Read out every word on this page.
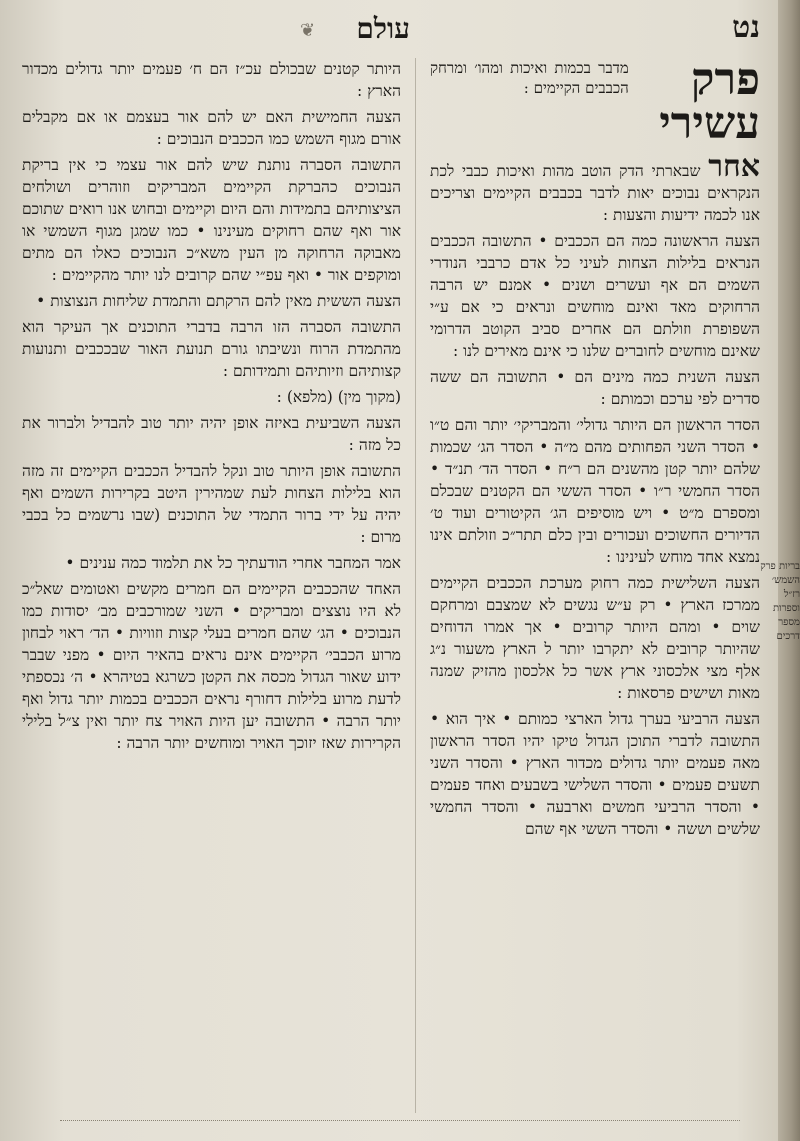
נט
עולם
❦
פרק עשירי
מדבר בכמות ואיכות ומהו׳ ומרחק הכבבים הקיימים :

אחר שבארתי הדק הוטב מהות ואיכות כבבי לכת הנקראים נבוכים יאות לדבר בכבבים הקיימים וצריכים אנו לכמה ידיעות והצעות :

הצעה הראשונה כמה הם הככבים • התשובה הככבים הנראים בלילות הצחות לעיני כל אדם כרבבי הנודרי השמים הם אף ועשרים ושנים • אמנם יש הרבה הרחוקים מאד ואינם מוחשים ונראים כי אם ע״י השפופרת וזולתם הם אחרים סביב הקוטב הדרומי שאינם מוחשים לחוברים שלנו כי אינם מאירים לנו :

הצעה השנית כמה מינים הם • התשובה הם ששה סדרים לפי ערכם וכמותם :

הסדר הראשון הם היותר גדולי׳ והמבריקי׳ יותר והם ט״ו • הסדר השני הפחותים מהם מ״ה • הסדר הג׳ שכמות שלהם יותר קטן מהשנים הם ר״ח • הסדר הד׳ תנ״ד • הסדר החמשי ר״ו • הסדר הששי הם הקטנים שבכלם ומספרם מ״ט • ויש מוסיפים הג׳ הקיטורים ועוד ט׳ הדיורים החשוכים ועכורים ובין כלם תתר״כ וזולתם אינו נמצא אחד מוחש לעינינו :

הצעה השלישית כמה רחוק מערכת הככבים הקיימים ממרכז הארץ • רק ע״ש נגשים לא שמצבם ומרחקם שוים • ומהם היותר קרובים • אך אמרו הדוחים שהיותר קרובים לא יתקרבו יותר ל הארץ משעור נ״ג אלף מצי אלכסוני ארץ אשר כל אלכסון מהזיק שמנה מאות ושישים פרסאות :

הצעה הרביעי בערך גדול הארצי כמותם • איך הוא • התשובה לדברי התוכן הגדול טיקו יהיו הסדר הראשון מאה פעמים יותר גדולים מכדור הארץ • והסדר השני תשעים פעמים • והסדר השלישי בשבעים ואחד פעמים • והסדר הרביעי חמשים וארבעה • והסדר החמשי שלשים וששה • והסדר הששי אף שהם

היותר קטנים שבכולם עכ״ז הם ח׳ פעמים יותר גדולים מכדור הארץ :

הצעה החמישית האם יש להם אור בעצמם או אם מקבלים אורם מגוף השמש כמו הככבים הנבוכים :

התשובה הסברה נותנת שיש להם אור עצמי כי אין בריקת הנבוכים כהברקת הקיימים המבריקים וזוהרים ושולחים הציצותיהם בתמידות והם היום וקיימים ובחוש אנו רואים שתוכם אור ואף שהם רחוקים מעינינו • כמו שמגן מגוף השמשי או מאבוקה הרחוקה מן העין משא״כ הנבוכים כאלו הם מתים ומוקפים אור • ואף עפ״י שהם קרובים לנו יותר מהקיימים :

הצעה הששית מאין להם הרקתם והתמדת שליחות הנצוצות •

התשובה הסברה הזו הרבה בדברי התוכנים אך העיקר הוא מהתמדת הרוח ונשיבתו גורם תנועת האור שבככבים ותנועות קצותיהם וזיותיהם ותמידותם :

(מקוך מין) (מלפא) :

הצעה השביעית באיזה אופן יהיה יותר טוב להבדיל ולברור את כל מזה :

התשובה אופן היותר טוב ונקל להבדיל הככבים הקיימים זה מזה הוא בלילות הצחות לעת שמהירין היטב בקרירות השמים ואף יהיה על ידי ברור התמדי של התוכנים (שבו נרשמים כל בכבי מרום :

אמר המחבר אחרי הודעתיך כל את תלמוד כמה ענינים •

האחד שהככבים הקיימים הם חמרים מקשים ואטומים שאל״כ לא היו נוצצים ומבריקים • השני שמורכבים מב׳ יסודות כמו הנבוכים • הג׳ שהם חמרים בעלי קצות וזוויות • הד׳ ראוי לבחון מרוע הכבבי׳ הקיימים אינם נראים בהאיר היום • מפני שבבר ידוע שאור הגדול מכסה את הקטן כשרגא בטיהרא • ה׳ נכספתי לדעת מרוע בלילות דחורף נראים הככבים בכמות יותר גדול ואף יותר הרבה • התשובה יען היות האויר צח יותר ואין צ״ל בלילי הקרירות שאז יזוכך האויר ומוחשים יותר הרבה :

בריות פרק השמש׳ רז״ל וספרות מספר דרכים
